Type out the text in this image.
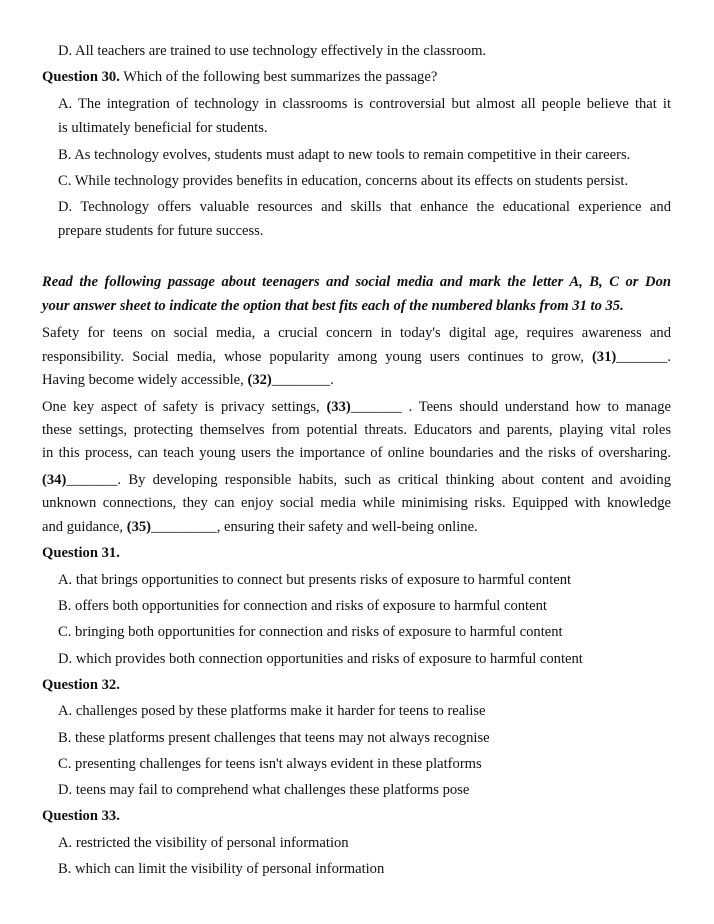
D. All teachers are trained to use technology effectively in the classroom.
Question 30. Which of the following best summarizes the passage?
A. The integration of technology in classrooms is controversial but almost all people believe that it
is ultimately beneficial for students.
B. As technology evolves, students must adapt to new tools to remain competitive in their careers.
C. While technology provides benefits in education, concerns about its effects on students persist.
D. Technology offers valuable resources and skills that enhance the educational experience and
prepare students for future success.
Read the following passage about teenagers and social media and mark the letter A, B, C or Don
your answer sheet to indicate the option that best fits each of the numbered blanks from 31 to 35.
Safety for teens on social media, a crucial concern in today's digital age, requires awareness and
responsibility. Social media, whose popularity among young users continues to grow, (31)_______.
Having become widely accessible, (32)________.
One key aspect of safety is privacy settings, (33)_______ . Teens should understand how to manage
these settings, protecting themselves from potential threats. Educators and parents, playing vital roles
in this process, can teach young users the importance of online boundaries and the risks of oversharing.
(34)_______. By developing responsible habits, such as critical thinking about content and avoiding
unknown connections, they can enjoy social media while minimising risks. Equipped with knowledge
and guidance, (35)_________, ensuring their safety and well-being online.
Question 31.
A. that brings opportunities to connect but presents risks of exposure to harmful content
B. offers both opportunities for connection and risks of exposure to harmful content
C. bringing both opportunities for connection and risks of exposure to harmful content
D. which provides both connection opportunities and risks of exposure to harmful content
Question 32.
A. challenges posed by these platforms make it harder for teens to realise
B. these platforms present challenges that teens may not always recognise
C. presenting challenges for teens isn't always evident in these platforms
D. teens may fail to comprehend what challenges these platforms pose
Question 33.
A. restricted the visibility of personal information
B. which can limit the visibility of personal information
